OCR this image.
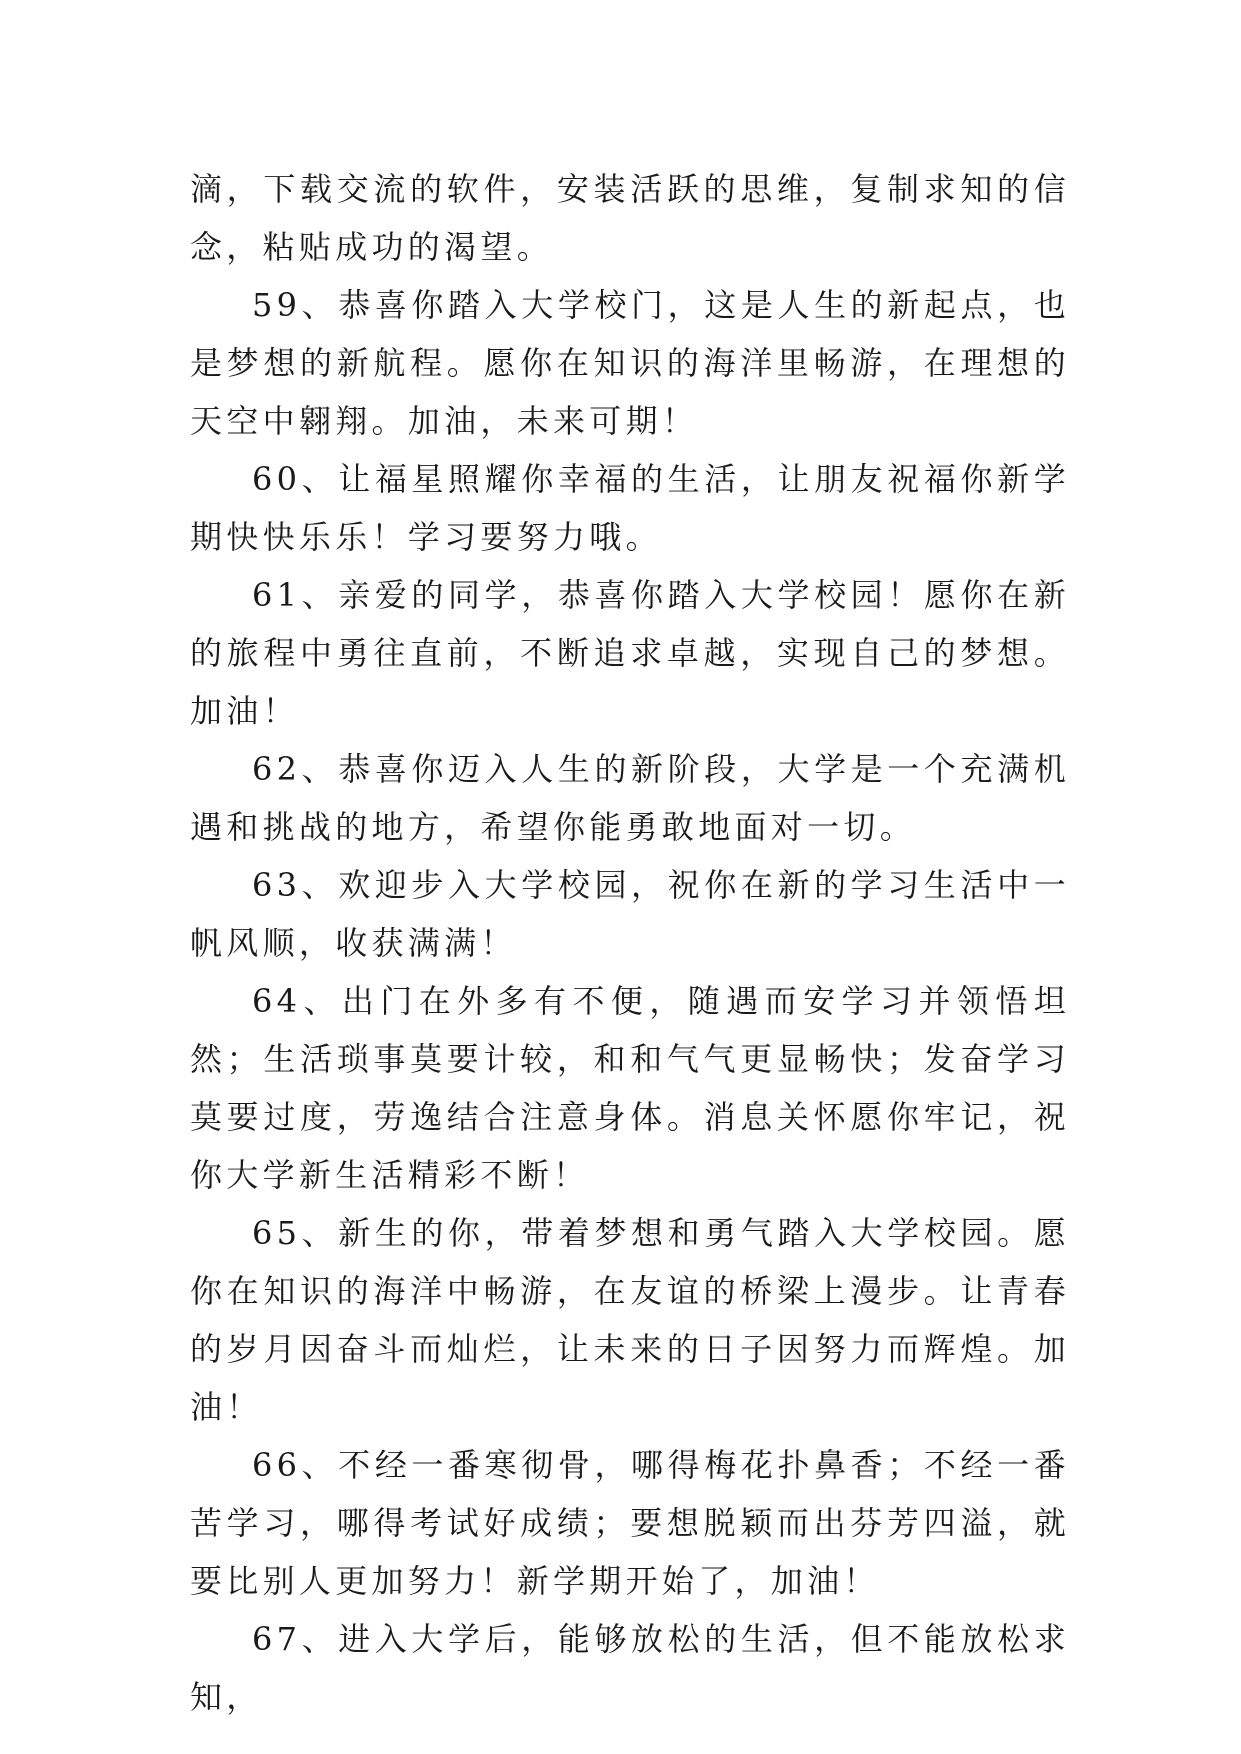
滴，下载交流的软件，安装活跃的思维，复制求知的信念，粘贴成功的渴望。

59、恭喜你踏入大学校门，这是人生的新起点，也是梦想的新航程。愿你在知识的海洋里畅游，在理想的天空中翱翔。加油，未来可期！

60、让福星照耀你幸福的生活，让朋友祝福你新学期快快乐乐！学习要努力哦。

61、亲爱的同学，恭喜你踏入大学校园！愿你在新的旅程中勇往直前，不断追求卓越，实现自己的梦想。加油！

62、恭喜你迈入人生的新阶段，大学是一个充满机遇和挑战的地方，希望你能勇敢地面对一切。

63、欢迎步入大学校园，祝你在新的学习生活中一帆风顺，收获满满！

64、出门在外多有不便，随遇而安学习并领悟坦然；生活琐事莫要计较，和和气气更显畅快；发奋学习莫要过度，劳逸结合注意身体。消息关怀愿你牢记，祝你大学新生活精彩不断！

65、新生的你，带着梦想和勇气踏入大学校园。愿你在知识的海洋中畅游，在友谊的桥梁上漫步。让青春的岁月因奋斗而灿烂，让未来的日子因努力而辉煌。加油！

66、不经一番寒彻骨，哪得梅花扑鼻香；不经一番苦学习，哪得考试好成绩；要想脱颖而出芬芳四溢，就要比别人更加努力！新学期开始了，加油！

67、进入大学后，能够放松的生活，但不能放松求知，
